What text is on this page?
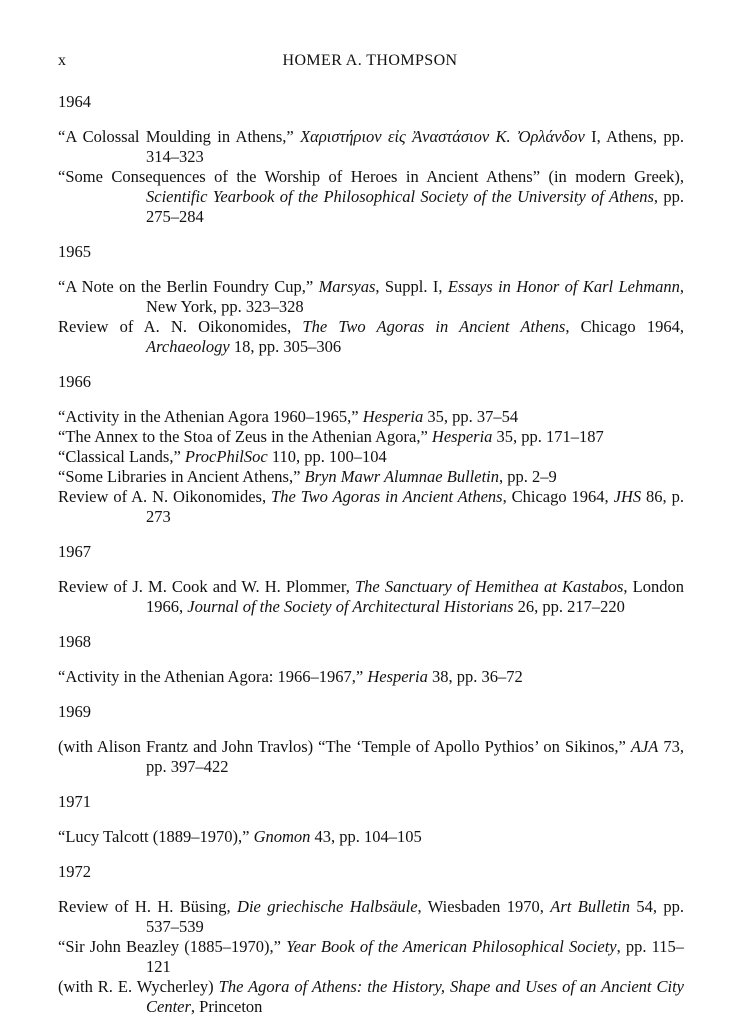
x	HOMER A. THOMPSON
1964

“A Colossal Moulding in Athens,” Χαριστήριον εἰς Ἀναστάσιον Κ. Ὀρλάνδον I, Athens, pp. 314–323

“Some Consequences of the Worship of Heroes in Ancient Athens” (in modern Greek), Scientific Yearbook of the Philosophical Society of the University of Athens, pp. 275–284

1965

“A Note on the Berlin Foundry Cup,” Marsyas, Suppl. I, Essays in Honor of Karl Lehmann, New York, pp. 323–328

Review of A. N. Oikonomides, The Two Agoras in Ancient Athens, Chicago 1964, Archaeology 18, pp. 305–306

1966

“Activity in the Athenian Agora 1960–1965,” Hesperia 35, pp. 37–54

“The Annex to the Stoa of Zeus in the Athenian Agora,” Hesperia 35, pp. 171–187

“Classical Lands,” ProcPhilSoc 110, pp. 100–104

“Some Libraries in Ancient Athens,” Bryn Mawr Alumnae Bulletin, pp. 2–9

Review of A. N. Oikonomides, The Two Agoras in Ancient Athens, Chicago 1964, JHS 86, p. 273

1967

Review of J. M. Cook and W. H. Plommer, The Sanctuary of Hemithea at Kastabos, London 1966, Journal of the Society of Architectural Historians 26, pp. 217–220

1968

“Activity in the Athenian Agora: 1966–1967,” Hesperia 38, pp. 36–72

1969

(with Alison Frantz and John Travlos) “The ‘Temple of Apollo Pythios’ on Sikinos,” AJA 73, pp. 397–422

1971

“Lucy Talcott (1889–1970),” Gnomon 43, pp. 104–105

1972

Review of H. H. Büsing, Die griechische Halbsäule, Wiesbaden 1970, Art Bulletin 54, pp. 537–539

“Sir John Beazley (1885–1970),” Year Book of the American Philosophical Society, pp. 115–121

(with R. E. Wycherley) The Agora of Athens: the History, Shape and Uses of an Ancient City Center, Princeton
